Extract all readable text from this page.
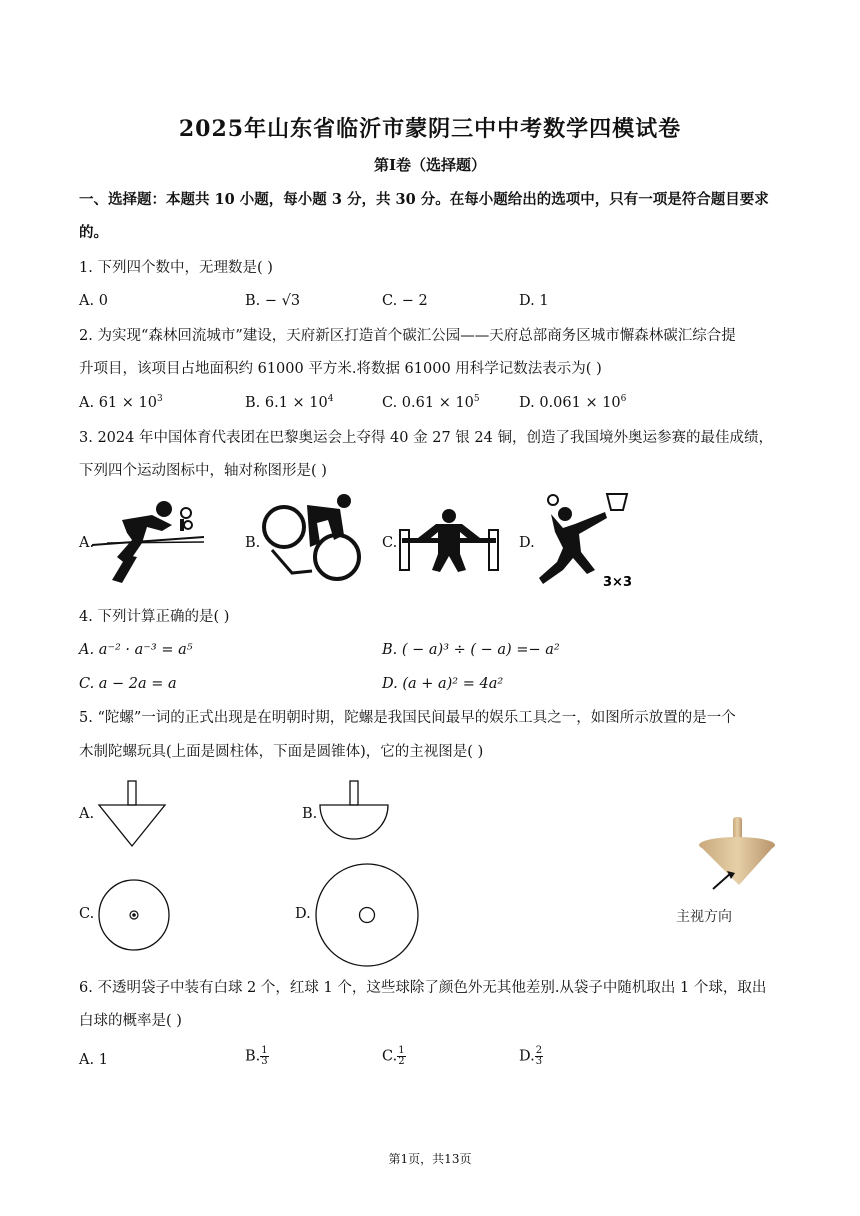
2025年山东省临沂市蒙阴三中中考数学四模试卷
第I卷（选择题）
一、选择题：本题共 10 小题，每小题 3 分，共 30 分。在每小题给出的选项中，只有一项是符合题目要求
的。
1. 下列四个数中，无理数是( )
A. 0	B. − √3	C. − 2	D. 1
2. 为实现“森林回流城市”建设，天府新区打造首个碳汇公园——天府总部商务区城市懈森林碳汇综合提
升项目，该项目占地面积约 61000 平方米.将数据 61000 用科学记数法表示为( )
A. $61 \times 10^3$	B. $6.1 \times 10^4$	C. $0.61 \times 10^5$	D. $0.061 \times 10^6$
3. 2024 年中国体育代表团在巴黎奥运会上夺得 40 金 27 银 24 铜，创造了我国境外奥运参赛的最佳成绩，
下列四个运动图标中，轴对称图形是( )
A.	B.	C.	D.
3×3
4. 下列计算正确的是( )
A. a⁻² · a⁻³ = a⁵	B. ( − a)³ ÷ ( − a) =− a²
C. a − 2a = a	D. (a + a)² = 4a²
5. “陀螺”一词的正式出现是在明朝时期，陀螺是我国民间最早的娱乐工具之一，如图所示放置的是一个
木制陀螺玩具(上面是圆柱体，下面是圆锥体)，它的主视图是( )
A.	B.
C.	D.	主视方向
6. 不透明袋子中装有白球 2 个，红球 1 个，这些球除了颜色外无其他差别.从袋子中随机取出 1 个球，取出
白球的概率是( )
A. 1	B. $\frac{1}{3}$	C. $\frac{1}{2}$	D. $\frac{2}{3}$
第1页，共13页
